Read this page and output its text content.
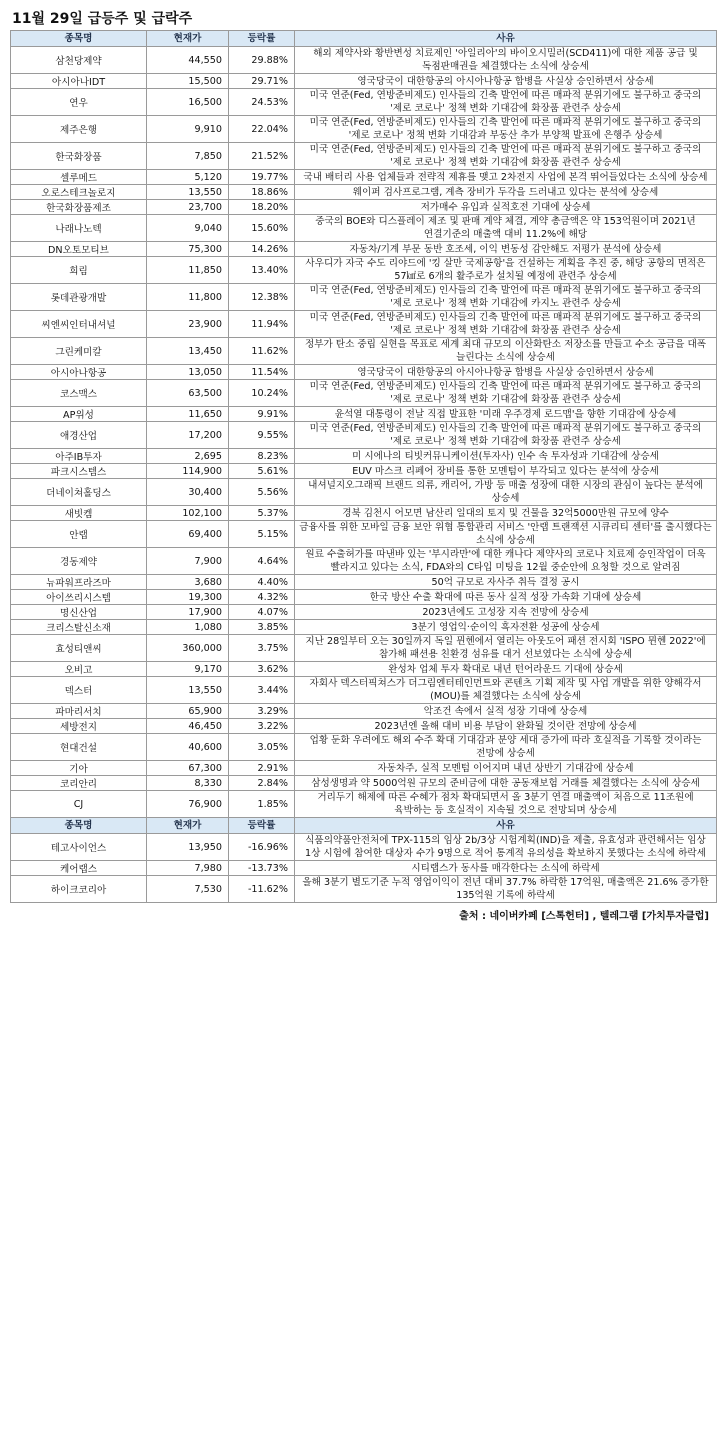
11월 29일 급등주 및 급락주
종목명	현재가	등락률	사유
삼천당제약	44,550	29.88%	해외 제약사와 황반변성 치료제인 '아일리아'의 바이오시밀러(SCD411)에 대한 제품 공급 및 독점판매권을 체결했다는 소식에 상승세
아시아나IDT	15,500	29.71%	영국당국이 대한항공의 아시아나항공 합병을 사실상 승인하면서 상승세
연우	16,500	24.53%	미국 연준(Fed, 연방준비제도) 인사들의 긴축 발언에 따른 매파적 분위기에도 불구하고 중국의 '제로 코로나' 정책 변화 기대감에 화장품 관련주 상승세
제주은행	9,910	22.04%	미국 연준(Fed, 연방준비제도) 인사들의 긴축 발언에 따른 매파적 분위기에도 불구하고 중국의 '제로 코로나' 정책 변화 기대감과 부동산 추가 부양책 발표에 은행주 상승세
한국화장품	7,850	21.52%	미국 연준(Fed, 연방준비제도) 인사들의 긴축 발언에 따른 매파적 분위기에도 불구하고 중국의 '제로 코로나' 정책 변화 기대감에 화장품 관련주 상승세
셀루메드	5,120	19.77%	국내 배터리 사용 업체들과 전략적 제휴를 맺고 2차전지 사업에 본격 뛰어들었다는 소식에 상승세
오로스테크놀로지	13,550	18.86%	웨이퍼 검사프로그램, 계측 장비가 두각을 드러내고 있다는 분석에 상승세
한국화장품제조	23,700	18.20%	저가매수 유입과 실적호전 기대에 상승세
나래나노텍	9,040	15.60%	중국의 BOE와 디스플레이 제조 및 판매 계약 체결, 계약 총금액은 약 153억원이며 2021년 연결기준의 매출액 대비 11.2%에 해당
DN오토모티브	75,300	14.26%	자동차/기계 부문 동반 호조세, 이익 변동성 감안해도 저평가 분석에 상승세
희림	11,850	13.40%	사우디가 자국 수도 리야드에 '킹 살만 국제공항'을 건설하는 계획을 추진 중, 해당 공항의 면적은 57㎢로 6개의 활주로가 설치될 예정에 관련주 상승세
롯데관광개발	11,800	12.38%	미국 연준(Fed, 연방준비제도) 인사들의 긴축 발언에 따른 매파적 분위기에도 불구하고 중국의 '제로 코로나' 정책 변화 기대감에 카지노 관련주 상승세
씨엔씨인터내셔널	23,900	11.94%	미국 연준(Fed, 연방준비제도) 인사들의 긴축 발언에 따른 매파적 분위기에도 불구하고 중국의 '제로 코로나' 정책 변화 기대감에 화장품 관련주 상승세
그린케미칼	13,450	11.62%	정부가 탄소 중립 실현을 목표로 세계 최대 규모의 이산화탄소 저장소를 만들고 수소 공급을 대폭 늘린다는 소식에 상승세
아시아나항공	13,050	11.54%	영국당국이 대한항공의 아시아나항공 합병을 사실상 승인하면서 상승세
코스맥스	63,500	10.24%	미국 연준(Fed, 연방준비제도) 인사들의 긴축 발언에 따른 매파적 분위기에도 불구하고 중국의 '제로 코로나' 정책 변화 기대감에 화장품 관련주 상승세
AP위성	11,650	9.91%	윤석열 대통령이 전날 직접 발표한 '미래 우주경제 로드맵'을 향한 기대감에 상승세
애경산업	17,200	9.55%	미국 연준(Fed, 연방준비제도) 인사들의 긴축 발언에 따른 매파적 분위기에도 불구하고 중국의 '제로 코로나' 정책 변화 기대감에 화장품 관련주 상승세
아주IB투자	2,695	8.23%	미 시에나의 티빗커뮤니케이션(투자사) 인수 속 투자성과 기대감에 상승세
파크시스템스	114,900	5.61%	EUV 마스크 리페어 장비를 통한 모멘텀이 부각되고 있다는 분석에 상승세
더네이쳐홀딩스	30,400	5.56%	내셔널지오그래픽 브랜드 의류, 캐리어, 가방 등 매출 성장에 대한 시장의 관심이 높다는 분석에 상승세
새빗켐	102,100	5.37%	경북 김천시 어모면 남산리 일대의 토지 및 건물을 32억5000만원 규모에 양수
안랩	69,400	5.15%	금융사를 위한 모바일 금융 보안 위협 통합관리 서비스 '안랩 트랜잭션 시큐리티 센터'를 출시했다는 소식에 상승세
경동제약	7,900	4.64%	원료 수출허가를 따낸바 있는 '부시라만'에 대한 캐나다 제약사의 코로나 치료제 승인작업이 더욱 빨라지고 있다는 소식, FDA와의 C타입 미팅을 12월 중순안에 요청할 것으로 알려짐
뉴파워프라즈마	3,680	4.40%	50억 규모로 자사주 취득 결정 공시
아이쓰리시스템	19,300	4.32%	한국 방산 수출 확대에 따른 동사 실적 성장 가속화 기대에 상승세
명신산업	17,900	4.07%	2023년에도 고성장 지속 전망에 상승세
크리스탈신소재	1,080	3.85%	3분기 영업익·순이익 흑자전환 성공에 상승세
효성티앤씨	360,000	3.75%	지난 28일부터 오는 30일까지 독일 뮌헨에서 열리는 아웃도어 패션 전시회 'ISPO 뮌헨 2022'에 참가해 패션용 친환경 섬유를 대거 선보였다는 소식에 상승세
오비고	9,170	3.62%	완성차 업체 투자 확대로 내년 턴어라운드 기대에 상승세
덱스터	13,550	3.44%	자회사 덱스터픽쳐스가 더그림엔터테인먼트와 콘텐츠 기획 제작 및 사업 개발을 위한 양해각서(MOU)를 체결했다는 소식에 상승세
파마리서치	65,900	3.29%	악조건 속에서 실적 성장 기대에 상승세
세방전지	46,450	3.22%	2023년엔 올해 대비 비용 부담이 완화될 것이란 전망에 상승세
현대건설	40,600	3.05%	업황 둔화 우려에도 해외 수주 확대 기대감과 분양 세대 증가에 따라 호실적을 기록할 것이라는 전망에 상승세
기아	67,300	2.91%	자동차주, 실적 모멘텀 이어지며 내년 상반기 기대감에 상승세
코리안리	8,330	2.84%	삼성생명과 약 5000억원 규모의 준비금에 대한 공동재보험 거래를 체결했다는 소식에 상승세
CJ	76,900	1.85%	거리두기 해제에 따른 수혜가 점차 확대되면서 올 3분기 연결 매출액이 처음으로 11조원에 육박하는 등 호실적이 지속될 것으로 전망되며 상승세
종목명	현재가	등락률	사유
테고사이언스	13,950	-16.96%	식품의약품안전처에 TPX-115의 임상 2b/3상 시험계획(IND)을 제출, 유효성과 관련해서는 임상 1상 시험에 참여한 대상자 수가 9명으로 적어 통계적 유의성을 확보하지 못했다는 소식에 하락세
케어랩스	7,980	-13.73%	시티랩스가 동사를 매각한다는 소식에 하락세
하이크코리아	7,530	-11.62%	올해 3분기 별도기준 누적 영업이익이 전년 대비 37.7% 하락한 17억원, 매출액은 21.6% 증가한 135억원 기록에 하락세
출처 : 네이버카페 [스톡헌터] , 텔레그램 [가치투자클럽]
